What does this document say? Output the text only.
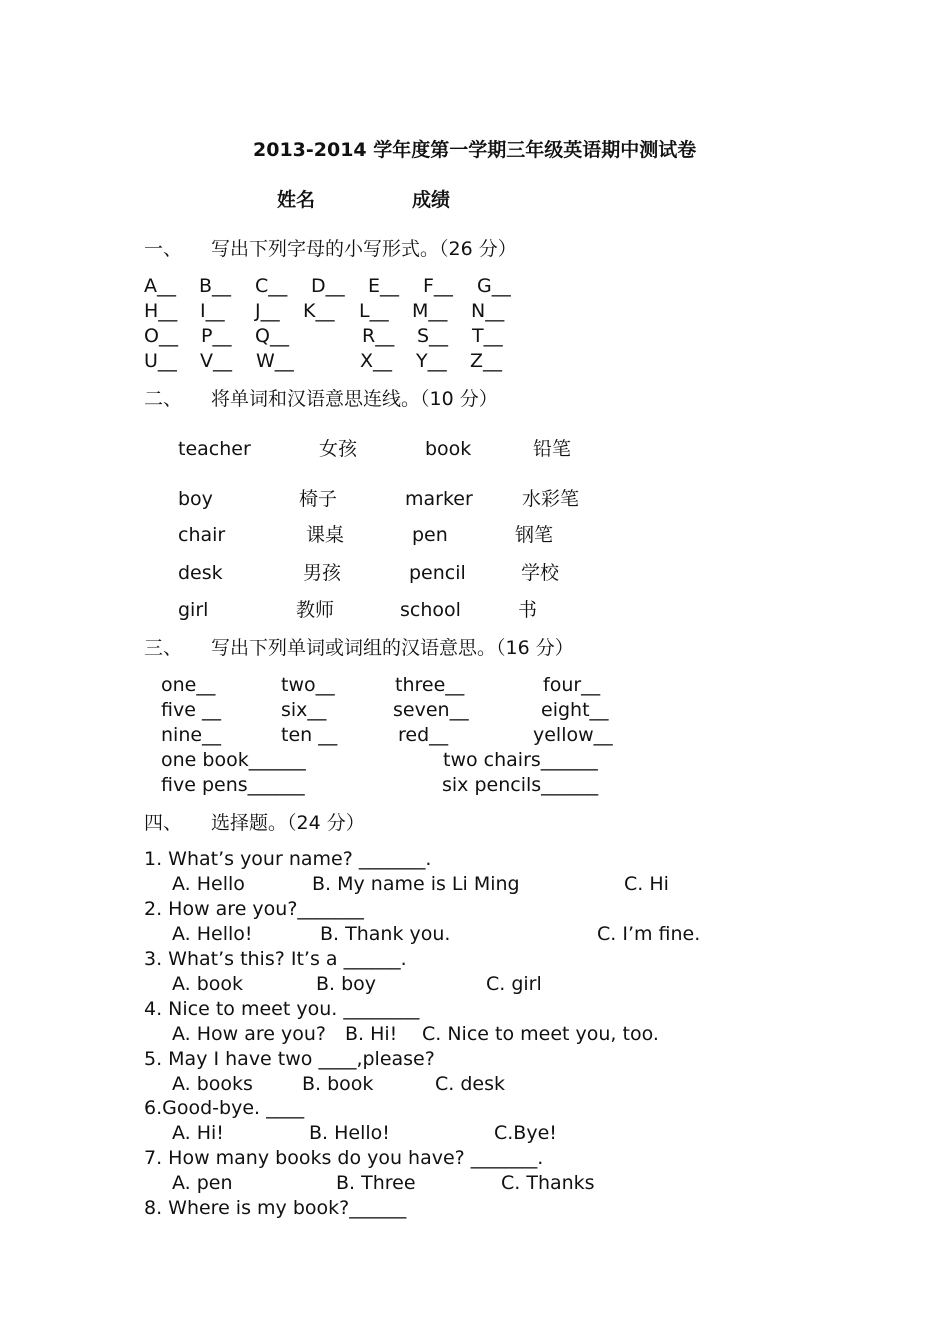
2013-2014 学年度第一学期三年级英语期中测试卷
姓名	成绩
一、 写出下列字母的小写形式。（26 分）
A__ B__ C__ D__ E__ F__ G__
H__ I__ J__ K__ L__ M__ N__
O__ P__ Q__	R__ S__ T__
U__ V__ W__	X__ Y__ Z__
二、 将单词和汉语意思连线。（10 分）
teacher	女孩	book	铅笔
boy	椅子	marker	水彩笔
chair	课桌	pen	钢笔
desk	男孩	pencil	学校
girl	教师	school	书
三、 写出下列单词或词组的汉语意思。（16 分）
one__	two__	three__	four__
five __	six__	seven__	eight__
nine__	ten __	red__	yellow__
one book______	two chairs______
five pens______	six pencils______
四、 选择题。（24 分）
1. What’s your name? _______.
A. Hello	B. My name is Li Ming	C. Hi
2. How are you?_______
A. Hello!	B. Thank you.	C. I’m fine.
3. What’s this? It’s a ______.
A. book	B. boy	C. girl
4. Nice to meet you. ________
A. How are you? B. Hi! C. Nice to meet you, too.
5. May I have two ____,please?
A. books	B. book	C. desk
6.Good-bye. ____
A. Hi!	B. Hello!	C.Bye!
7. How many books do you have? _______.
A. pen	B. Three	C. Thanks
8. Where is my book?______
